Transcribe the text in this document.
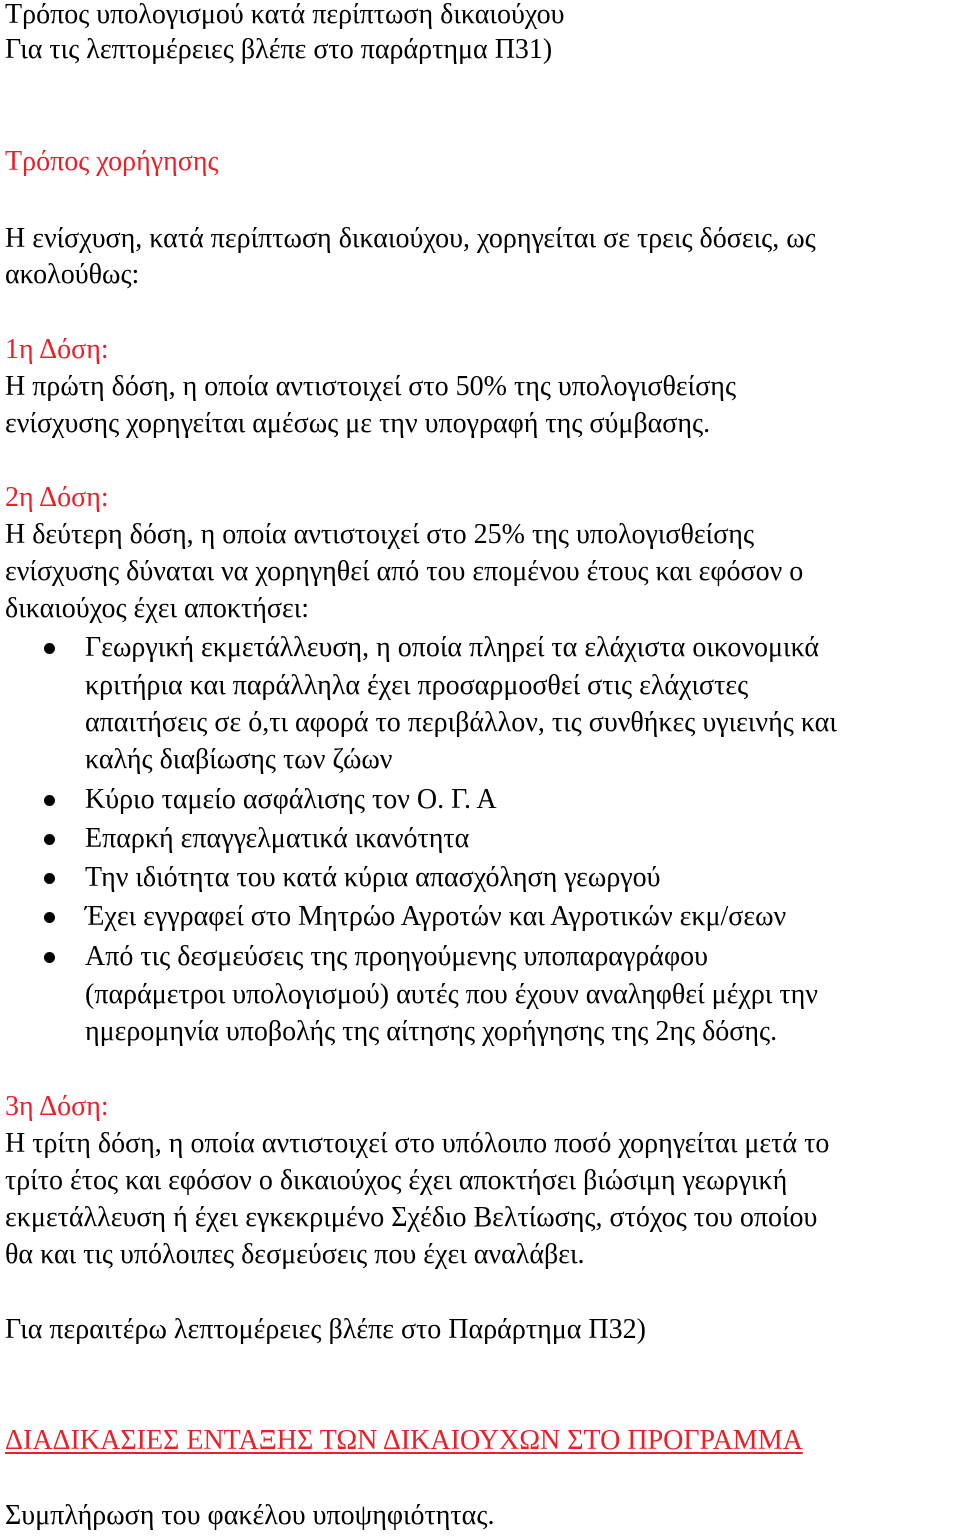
Τρόπος υπολογισμού κατά περίπτωση δικαιούχου
Για τις λεπτομέρειες βλέπε στο παράρτημα Π31)
Τρόπος χορήγησης
Η ενίσχυση, κατά περίπτωση δικαιούχου, χορηγείται σε τρεις δόσεις, ως
ακολούθως:
1η Δόση:
Η πρώτη δόση, η οποία αντιστοιχεί στο 50% της υπολογισθείσης
ενίσχυσης χορηγείται αμέσως με την υπογραφή της σύμβασης.
2η Δόση:
Η δεύτερη δόση, η οποία αντιστοιχεί στο 25% της υπολογισθείσης
ενίσχυσης δύναται να χορηγηθεί από του επομένου έτους και εφόσον ο
δικαιούχος έχει αποκτήσει:
Γεωργική εκμετάλλευση, η οποία πληρεί τα ελάχιστα οικονομικά
κριτήρια και παράλληλα έχει προσαρμοσθεί στις ελάχιστες
απαιτήσεις σε ό,τι αφορά το περιβάλλον, τις συνθήκες υγιεινής και
καλής διαβίωσης των ζώων
Κύριο ταμείο ασφάλισης τον Ο. Γ. Α
Επαρκή επαγγελματικά ικανότητα
Την ιδιότητα του κατά κύρια απασχόληση γεωργού
Έχει εγγραφεί στο Μητρώο Αγροτών και Αγροτικών εκμ/σεων
Από τις δεσμεύσεις της προηγούμενης υποπαραγράφου
(παράμετροι υπολογισμού) αυτές που έχουν αναληφθεί μέχρι την
ημερομηνία υποβολής της αίτησης χορήγησης της 2ης δόσης.
3η Δόση:
Η τρίτη δόση, η οποία αντιστοιχεί στο υπόλοιπο ποσό χορηγείται μετά το
τρίτο έτος και εφόσον ο δικαιούχος έχει αποκτήσει βιώσιμη γεωργική
εκμετάλλευση ή έχει εγκεκριμένο Σχέδιο Βελτίωσης, στόχος του οποίου
θα και τις υπόλοιπες δεσμεύσεις που έχει αναλάβει.
Για περαιτέρω λεπτομέρειες βλέπε στο Παράρτημα Π32)
ΔΙΑΔΙΚΑΣΙΕΣ ΕΝΤΑΞΗΣ ΤΩΝ ΔΙΚΑΙΟΥΧΩΝ ΣΤΟ ΠΡΟΓΡΑΜΜΑ
Συμπλήρωση του φακέλου υποψηφιότητας.
